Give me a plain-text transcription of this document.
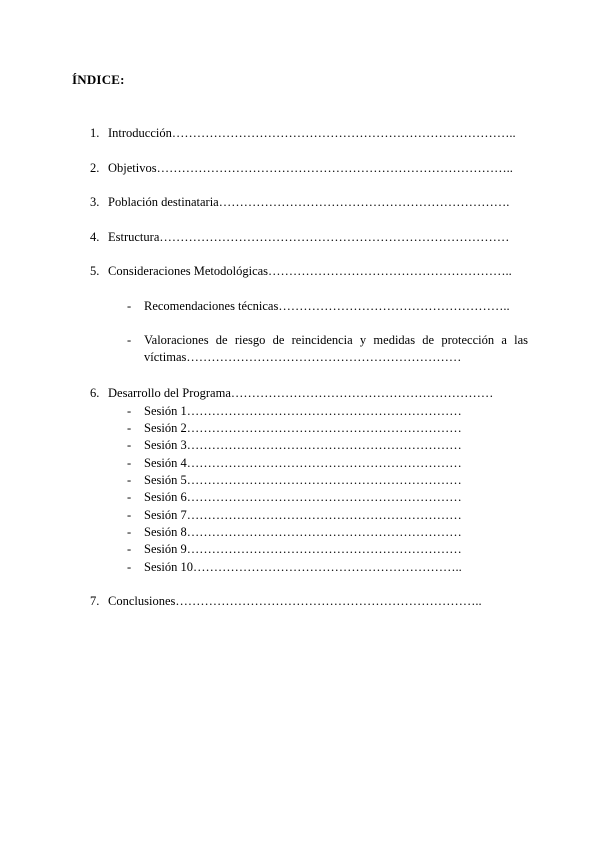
ÍNDICE:
1. Introducción………………………………………………………………………..
2. Objetivos…………………………………………………………………………..
3. Población destinataria…………………………………………………………….
4. Estructura…………………………………………………………………………
5. Consideraciones Metodológicas…………………………………………………..
- Recomendaciones técnicas………………………………………………..
- Valoraciones de riesgo de reincidencia y medidas de protección a las víctimas…………………………………………………………
6. Desarrollo del Programa………………………………………………………
- Sesión 1…………………………………………………………
- Sesión 2…………………………………………………………
- Sesión 3…………………………………………………………
- Sesión 4…………………………………………………………
- Sesión 5…………………………………………………………
- Sesión 6…………………………………………………………
- Sesión 7…………………………………………………………
- Sesión 8…………………………………………………………
- Sesión 9…………………………………………………………
- Sesión 10………………………………………………………..
7. Conclusiones………………………………………………………………..
